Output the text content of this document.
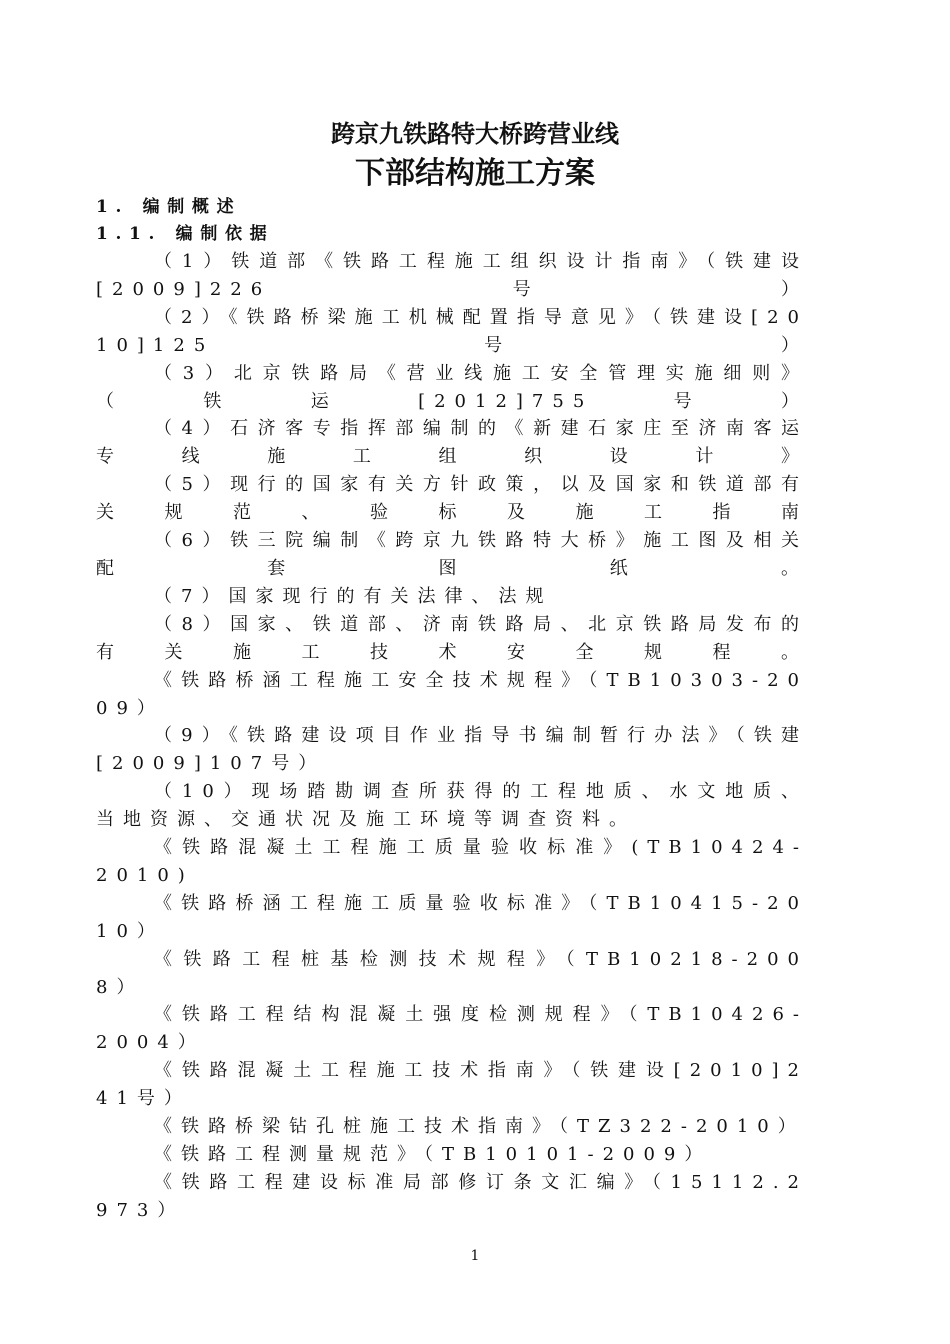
跨京九铁路特大桥跨营业线
下部结构施工方案
1. 编制概述
1.1. 编制依据
（1）铁道部《铁路工程施工组织设计指南》（铁建设[2009]226号）
（2）《铁路桥梁施工机械配置指导意见》（铁建设[2010]125号）
（3）北京铁路局《营业线施工安全管理实施细则》（铁运[2012]755号）
（4）石济客专指挥部编制的《新建石家庄至济南客运专线施工组织设计》
（5）现行的国家有关方针政策，以及国家和铁道部有关规范、验标及施工指南
（6）铁三院编制《跨京九铁路特大桥》施工图及相关配套图纸。
（7）国家现行的有关法律、法规
（8）国家、铁道部、济南铁路局、北京铁路局发布的有关施工技术安全规程。
《铁路桥涵工程施工安全技术规程》（TB10303-2009）
（9）《铁路建设项目作业指导书编制暂行办法》（铁建[2009]107号）
（10）现场踏勘调查所获得的工程地质、水文地质、当地资源、交通状况及施工环境等调查资料。
《铁路混凝土工程施工质量验收标准》(TB10424-2010)
《铁路桥涵工程施工质量验收标准》（TB10415-2010）
《铁路工程桩基检测技术规程》（TB10218-2008）
《铁路工程结构混凝土强度检测规程》（TB10426-2004）
《铁路混凝土工程施工技术指南》（铁建设[2010]241号）
《铁路桥梁钻孔桩施工技术指南》（TZ322-2010）
《铁路工程测量规范》（TB10101-2009）
《铁路工程建设标准局部修订条文汇编》（15112.2973）
1
